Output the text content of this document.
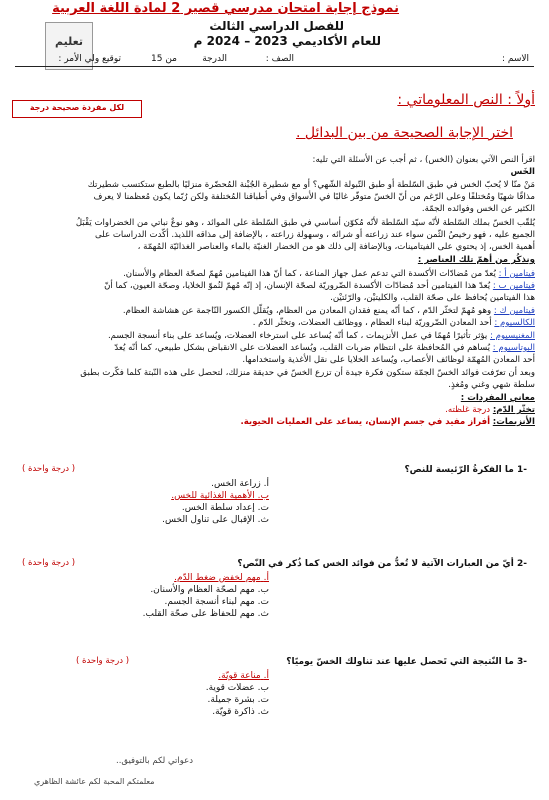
نموذج إجابة امتحان مدرسي قصير 2 لمادة اللغة العربية
للفصل الدراسي الثالث
للعام الأكاديمي 2023 – 2024 م
تعليم
الاسم :
الصف :
الدرجة
من 15
توقيع ولي الأمر :
أولاً : النص المعلوماتي :
لكل مفردة صحيحة درجة
اختر الإجابة الصحيحة من بين البدائل .
اقرأ النص الآتي بعنوان (الخس) ، ثم أجب عن الأسئلة التي تليه:
الخَس
مَنْ منّا لا يُحبّ الخس في طبق السّلطة أو طبق التّبولة الشّهي؟ أو مع شطيرة الجُبْنة المُحضّرة منزليًا بالطبع ستكتسب شطيرتك
مذاقًا شهيًا ومُختلفًا وعلى الرّغم من أنّ الخسّ متوفّر غالبًا في الأسواق وفي أطباقنا المُختلفة ولكن رُبّما يكون مُعظمنا لا يعرف
الكثير عن الخس وفوائده الجمّة.
يُلقّب الخسّ بملك السّلطة لأنّه سيّد السّلطة لأنّه مُكوّن أساسي في طبق السّلطة على الموائد ، وهو نوعٌ نباتي من الخضراوات يَقْبَلُ
الجميع عليه ، فهو رخيصُ الثّمن سواء عند زراعته أو شرائه ، وسهولة زراعته ، بالإضافة إلى مذاقه اللذيذ. أكّدت الدراسات على
أهمية الخس، إذ يحتوي على الفيتامينات، وبالإضافة إلى ذلك هو من الخضار الغنيّة بالماء والعناصر الغذائيّة المُهمّة ،
ونذكُر من أهمّ تلك العناصر :
فيتامين أ : يُعدّ من مُضادّات الأكسدة التي تدعم عمل جهاز المناعة ، كما أنّ هذا الفيتامين مُهمّ لصحّة العظام والأسنان.
فيتامين ب : يُعدّ هذا الفيتامين أحد مُضادّات الأكسدة الضّروريّة لصحّة الإنسان، إذ إنّه مُهمّ لنُموّ الخلايا، وصحّة العيون، كما أنّ
هذا الفيتامين يُحافظ على صحّة القلب، والكليتيْن، والرّئتيْن.
فيتامين ك : وهو مُهمّ لتخثّر الدّم ، كما أنّه يمنع فقدان المعادن من العظام، ويُقلّل الكسور النّاجمة عن هشاشة العظام.
الكالسيوم : أحد المعادن الضّروريّة لبناء العظام ، ووظائف العضلات، وتخثّر الدّم .
المغنيسيوم : يؤثر تأثيرًا مُهمًا في عمل الأنزيمات ، كما أنّه يُساعد على استرخاء العضلات، ويُساعد على بناء أنسجة الجسم.
البوتاسيوم : يُساهم في المُحافظة على انتظام ضربات القلب، ويُساعد العضلات على الانقباض بشكل طبيعي، كما أنّه يُعدّ
أحد المعادن المُهمّة لوظائف الأعصاب، ويُساعد الخلايا على نقل الأغذية واستخدامها.
وبعد أن تعرّفت فوائد الخسّ الجمّة ستكون فكرة جيدة أن تزرع الخسّ في حديقة منزلك، لتحصل على هذه النّبتة كلما فكّرت بطبق
سلطة شهي وغني ومُغذٍ.
معاني المفردات :
تخثّر الدّم: درجة غلظته.
الأنزيمات: أفراز مفيد في جسم الإنسان، يساعد على العمليات الحيوية.
-1 ما الفكرةُ الرّئيسة للنص؟
( درجة واحدة )
أ. زراعة الخس.
ب. الأهمية الغذائية للخس.
ت. إعداد سلطة الخس.
ث. الإقبال على تناول الخس.
-2 أيّ من العبارات الآتية لا تُعدُّ من فوائد الخس كما ذُكر في النّص؟
( درجة واحدة )
أ. مهم لخفض ضغط الدّم.
ب. مهم لصحّة العظام والأسنان.
ت. مهم لبناء أنسجة الجسم.
ث. مهم للحفاظ على صحّة القلب.
-3 ما النّتيجة التي تَحصل عليها عند تناولك الخسّ يوميًا؟
( درجة واحدة )
أ. مناعة قويّة.
ب. عضلات قوية.
ت. بشرة جميلة.
ث. ذاكرة قويّة.
دعواتي لكم بالتوفيق..
معلمتكم المحبة لكم عائشة الظاهري
